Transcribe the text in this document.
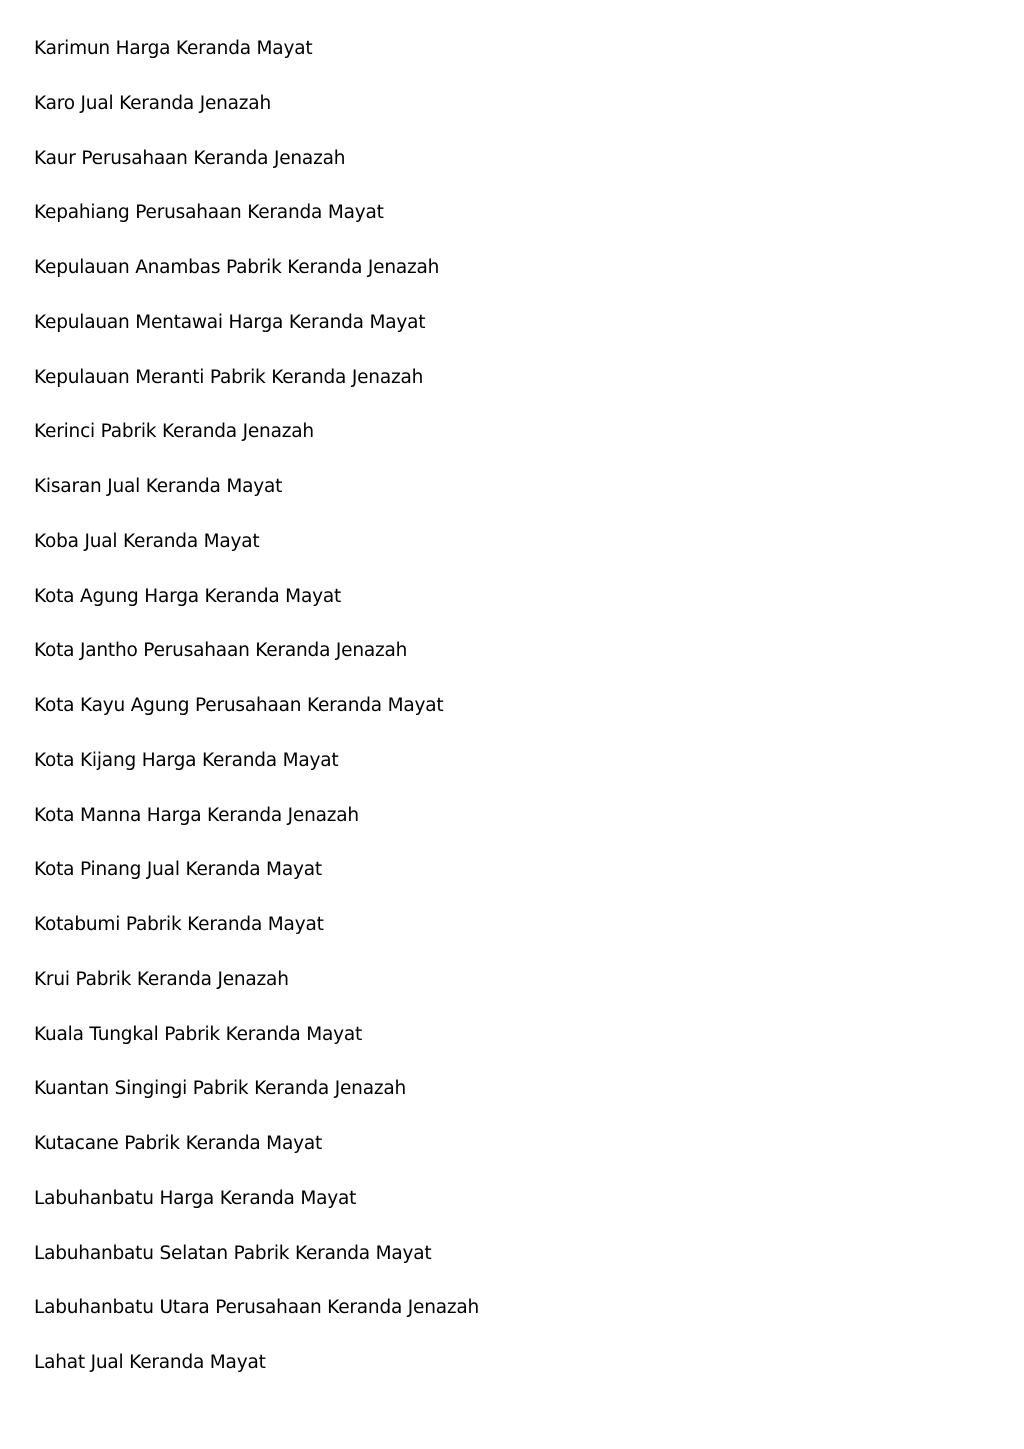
Karimun Harga Keranda Mayat
Karo Jual Keranda Jenazah
Kaur Perusahaan Keranda Jenazah
Kepahiang Perusahaan Keranda Mayat
Kepulauan Anambas Pabrik Keranda Jenazah
Kepulauan Mentawai Harga Keranda Mayat
Kepulauan Meranti Pabrik Keranda Jenazah
Kerinci Pabrik Keranda Jenazah
Kisaran Jual Keranda Mayat
Koba Jual Keranda Mayat
Kota Agung Harga Keranda Mayat
Kota Jantho Perusahaan Keranda Jenazah
Kota Kayu Agung Perusahaan Keranda Mayat
Kota Kijang Harga Keranda Mayat
Kota Manna Harga Keranda Jenazah
Kota Pinang Jual Keranda Mayat
Kotabumi Pabrik Keranda Mayat
Krui Pabrik Keranda Jenazah
Kuala Tungkal Pabrik Keranda Mayat
Kuantan Singingi Pabrik Keranda Jenazah
Kutacane Pabrik Keranda Mayat
Labuhanbatu Harga Keranda Mayat
Labuhanbatu Selatan Pabrik Keranda Mayat
Labuhanbatu Utara Perusahaan Keranda Jenazah
Lahat Jual Keranda Mayat
